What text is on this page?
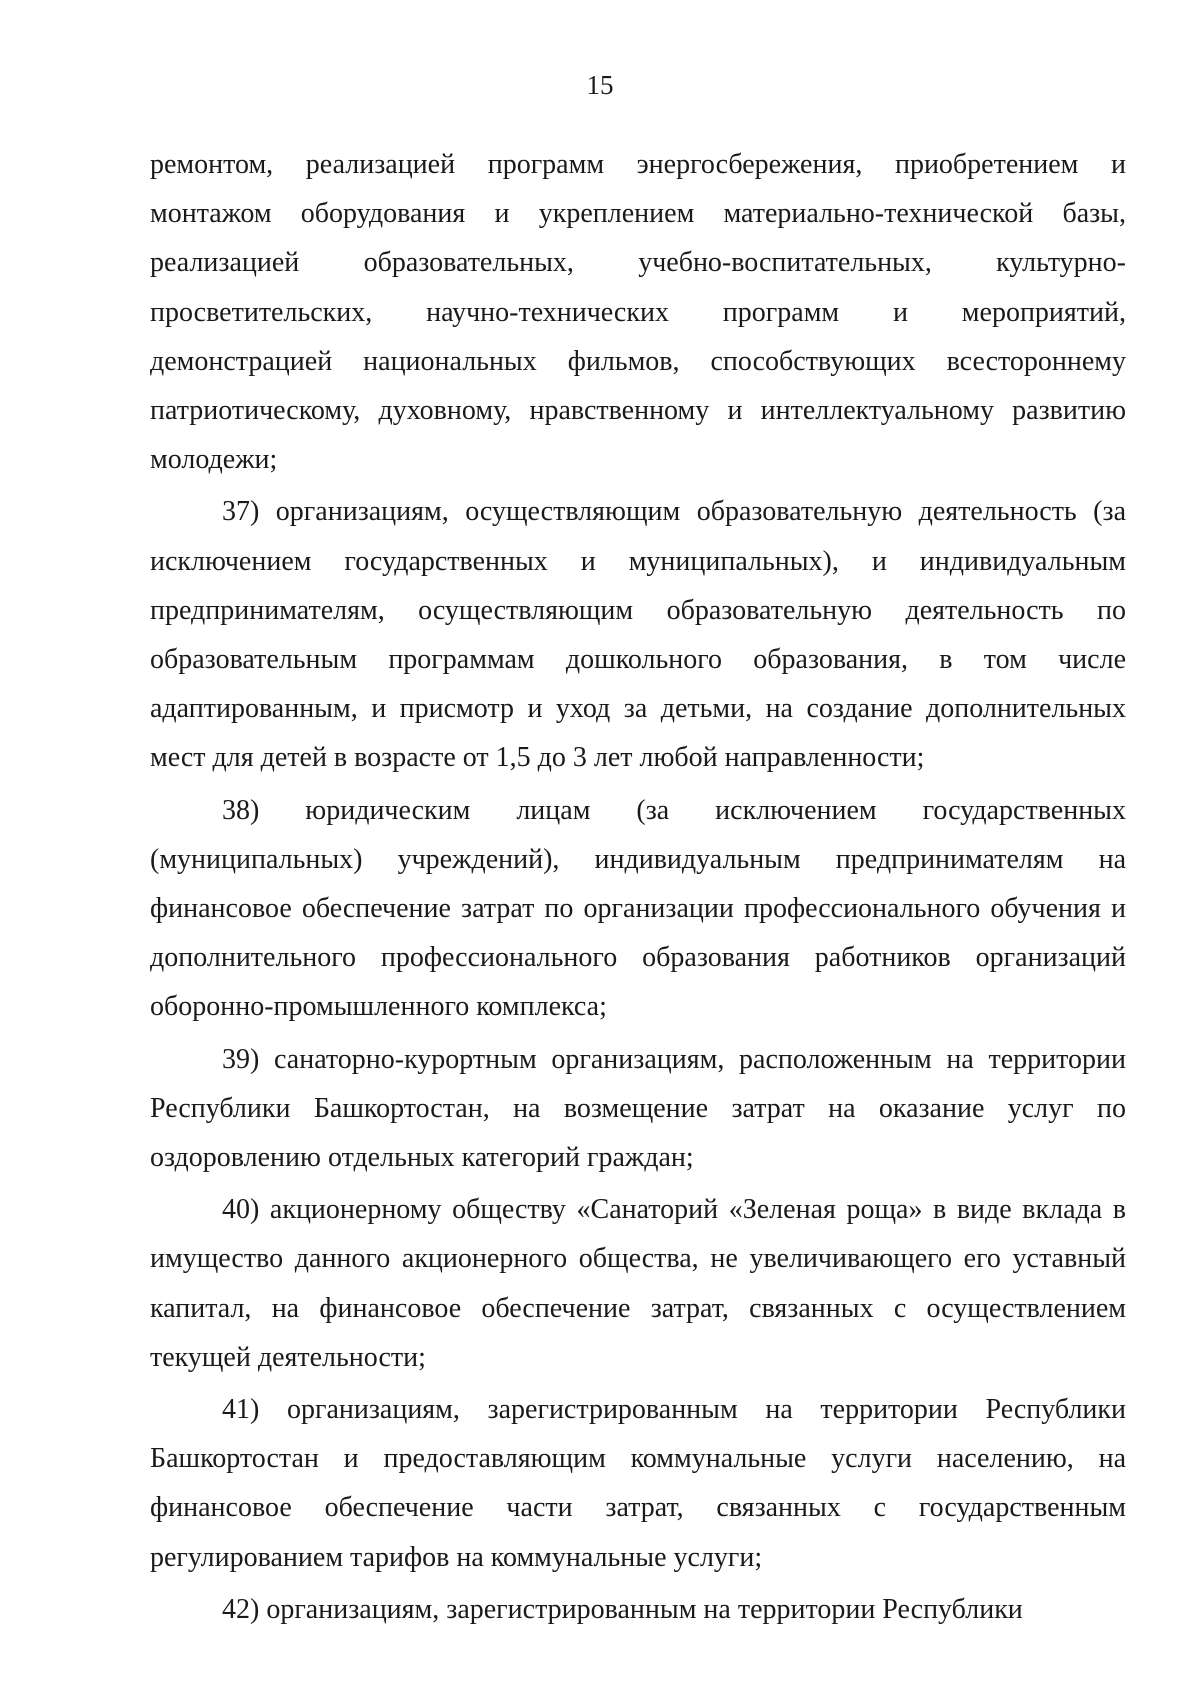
15

ремонтом, реализацией программ энергосбережения, приобретением и монтажом оборудования и укреплением материально-технической базы, реализацией образовательных, учебно-воспитательных, культурно-просветительских, научно-технических программ и мероприятий, демонстрацией национальных фильмов, способствующих всестороннему патриотическому, духовному, нравственному и интеллектуальному развитию молодежи;

37) организациям, осуществляющим образовательную деятельность (за исключением государственных и муниципальных), и индивидуальным предпринимателям, осуществляющим образовательную деятельность по образовательным программам дошкольного образования, в том числе адаптированным, и присмотр и уход за детьми, на создание дополнительных мест для детей в возрасте от 1,5 до 3 лет любой направленности;

38) юридическим лицам (за исключением государственных (муниципальных) учреждений), индивидуальным предпринимателям на финансовое обеспечение затрат по организации профессионального обучения и дополнительного профессионального образования работников организаций оборонно-промышленного комплекса;

39) санаторно-курортным организациям, расположенным на территории Республики Башкортостан, на возмещение затрат на оказание услуг по оздоровлению отдельных категорий граждан;

40) акционерному обществу «Санаторий «Зеленая роща» в виде вклада в имущество данного акционерного общества, не увеличивающего его уставный капитал, на финансовое обеспечение затрат, связанных с осуществлением текущей деятельности;

41) организациям, зарегистрированным на территории Республики Башкортостан и предоставляющим коммунальные услуги населению, на финансовое обеспечение части затрат, связанных с государственным регулированием тарифов на коммунальные услуги;

42) организациям, зарегистрированным на территории Республики
